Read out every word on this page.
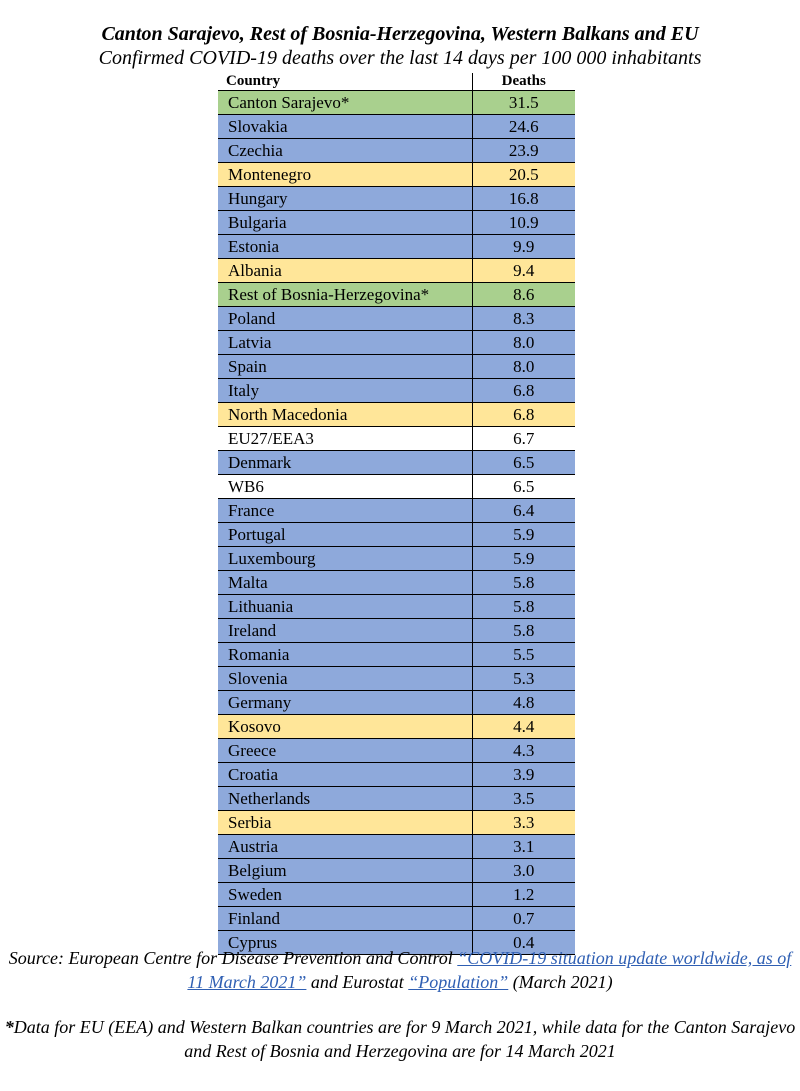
Canton Sarajevo, Rest of Bosnia-Herzegovina, Western Balkans and EU
Confirmed COVID-19 deaths over the last 14 days per 100 000 inhabitants
Country	Deaths
Canton Sarajevo*	31.5
Slovakia	24.6
Czechia	23.9
Montenegro	20.5
Hungary	16.8
Bulgaria	10.9
Estonia	9.9
Albania	9.4
Rest of Bosnia-Herzegovina*	8.6
Poland	8.3
Latvia	8.0
Spain	8.0
Italy	6.8
North Macedonia	6.8
EU27/EEA3	6.7
Denmark	6.5
WB6	6.5
France	6.4
Portugal	5.9
Luxembourg	5.9
Malta	5.8
Lithuania	5.8
Ireland	5.8
Romania	5.5
Slovenia	5.3
Germany	4.8
Kosovo	4.4
Greece	4.3
Croatia	3.9
Netherlands	3.5
Serbia	3.3
Austria	3.1
Belgium	3.0
Sweden	1.2
Finland	0.7
Cyprus	0.4
Source: European Centre for Disease Prevention and Control “COVID-19 situation update worldwide, as of 11 March 2021” and Eurostat “Population” (March 2021)
*Data for EU (EEA) and Western Balkan countries are for 9 March 2021, while data for the Canton Sarajevo and Rest of Bosnia and Herzegovina are for 14 March 2021
